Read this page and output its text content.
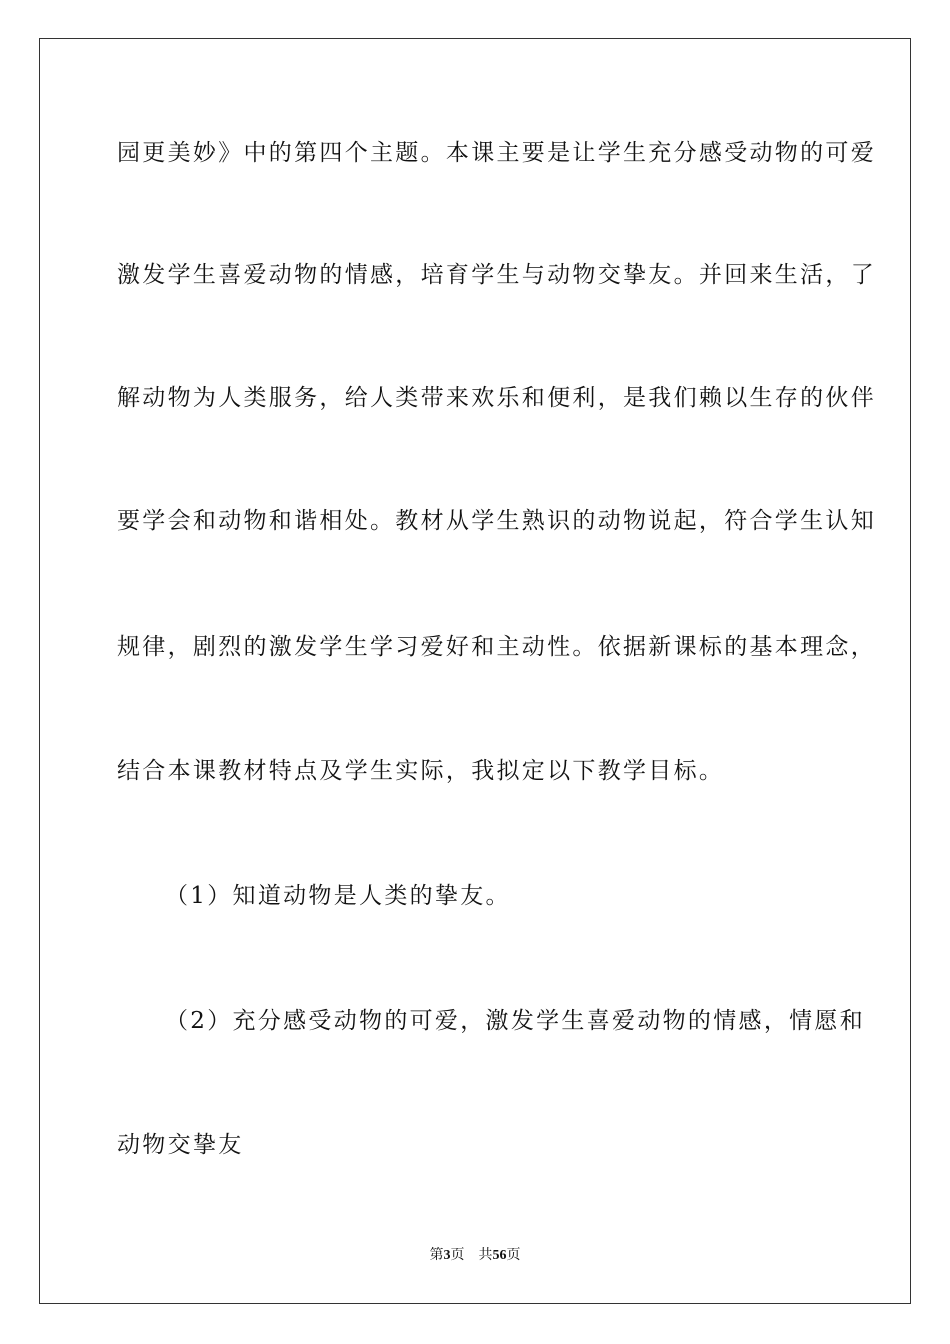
园更美妙》中的第四个主题。本课主要是让学生充分感受动物的可爱
激发学生喜爱动物的情感，培育学生与动物交挚友。并回来生活，了
解动物为人类服务，给人类带来欢乐和便利，是我们赖以生存的伙伴
要学会和动物和谐相处。教材从学生熟识的动物说起，符合学生认知
规律，剧烈的激发学生学习爱好和主动性。依据新课标的基本理念，
结合本课教材特点及学生实际，我拟定以下教学目标。
（1）知道动物是人类的挚友。
（2）充分感受动物的可爱，激发学生喜爱动物的情感，情愿和
动物交挚友
第3页 共56页
